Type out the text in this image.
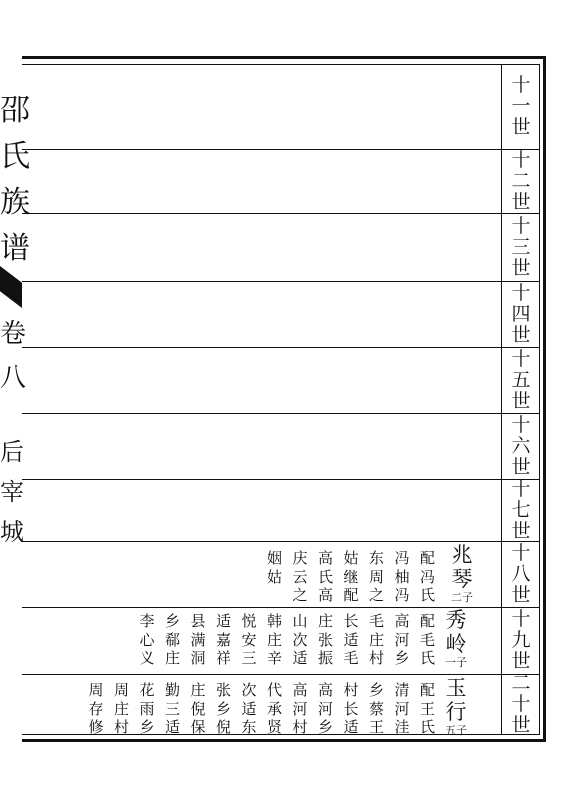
邵
氏
族
谱
卷
八
后
宰
城
十
一
世
十
二
世
十
三
世
十
四
世
十
五
世
十
六
世
十
七
世
十
八
世
十
九
世
二
十
世
兆
琴
二子
配
冯
氏
冯
柚
冯
东
周
之
姑
继
配
高
氏
高
庆
云
之
姻
姑
秀
岭
一子
配
毛
氏
高
河
乡
毛
庄
村
长
适
毛
庄
张
振
山
次
适
韩
庄
辛
悦
安
三
适
嘉
祥
县
满
洞
乡
郗
庄
李
心
义
玉
行
五子
配
王
氏
清
河
洼
乡
蔡
王
村
长
适
高
河
乡
高
河
村
代
承
贤
次
适
东
张
乡
倪
庄
倪
保
勤
三
适
花
雨
乡
周
庄
村
周
存
修
